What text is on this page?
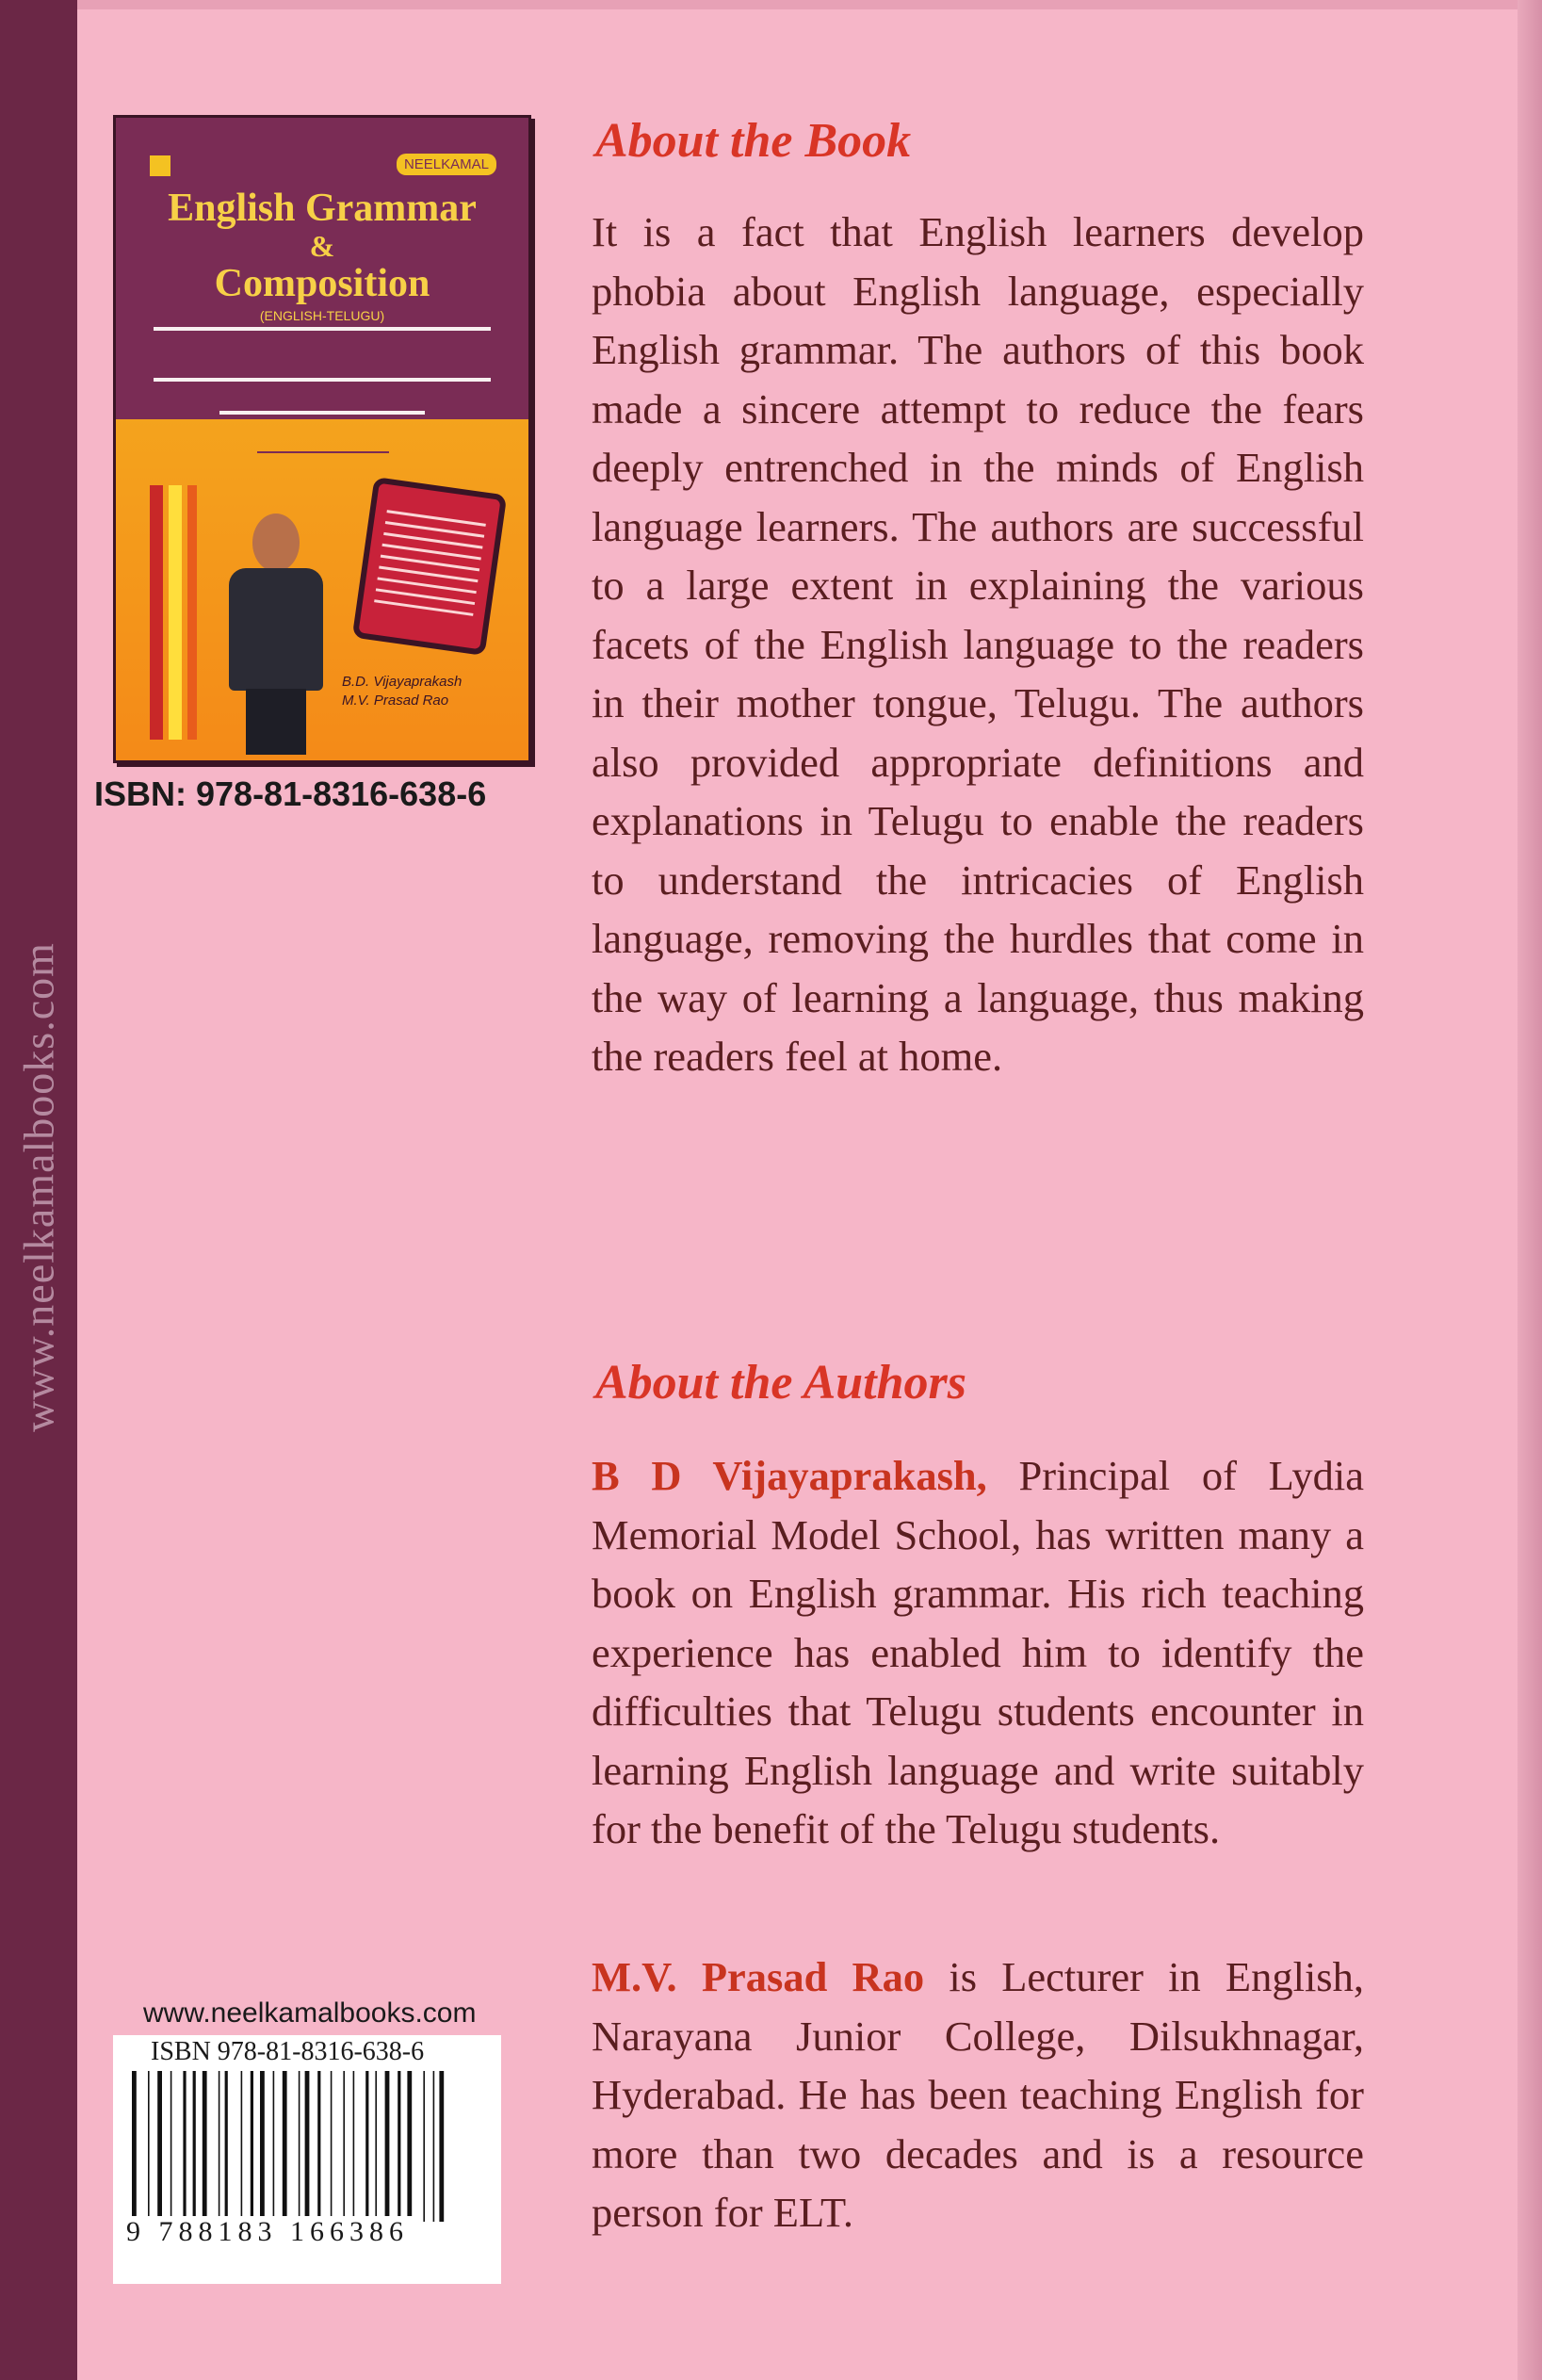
www.neelkamalbooks.com
NEELKAMAL
English Grammar
&
Composition
(ENGLISH-TELUGU)
B.D. Vijayaprakash
M.V. Prasad Rao
ISBN: 978-81-8316-638-6
www.neelkamalbooks.com
ISBN 978-81-8316-638-6
9 788183 166386
About the Book
It is a fact that English learners develop phobia about English language, especially English grammar. The authors of this book made a sincere attempt to reduce the fears deeply entrenched in the minds of English language learners. The authors are successful to a large extent in explaining the various facets of the English language to the readers in their mother tongue, Telugu. The authors also provided appropriate definitions and explanations in Telugu to enable the readers to understand the intricacies of English language, removing the hurdles that come in the way of learning a language, thus making the readers feel at home.
About the Authors
B D Vijayaprakash, Principal of Lydia Memorial Model School, has written many a book on English grammar. His rich teaching experience has enabled him to identify the difficulties that Telugu students encounter in learning English language and write suitably for the benefit of the Telugu students.
M.V. Prasad Rao is Lecturer in English, Narayana Junior College, Dilsukhnagar, Hyderabad. He has been teaching English for more than two decades and is a resource person for ELT.
